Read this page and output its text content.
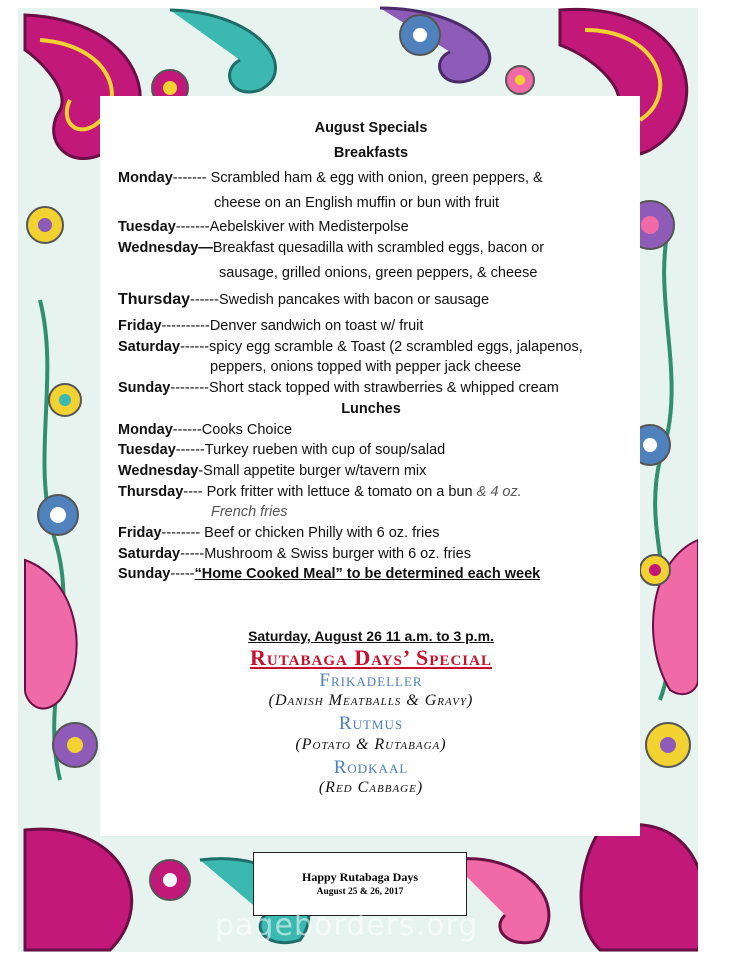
August Specials
Breakfasts
Monday------- Scrambled ham & egg with onion, green peppers, &
cheese on an English muffin or bun with fruit
Tuesday-------Aebelskiver with Medisterpolse
Wednesday—Breakfast quesadilla with scrambled eggs, bacon or
sausage, grilled onions, green peppers, & cheese
Thursday------Swedish pancakes with bacon or sausage
Friday----------Denver sandwich on toast w/ fruit
Saturday------spicy egg scramble & Toast (2 scrambled eggs, jalapenos,
peppers, onions topped with pepper jack cheese
Sunday--------Short stack topped with strawberries & whipped cream
Lunches
Monday------Cooks Choice
Tuesday------Turkey rueben with cup of soup/salad
Wednesday-Small appetite burger w/tavern mix
Thursday---- Pork fritter with lettuce & tomato on a bun & 4 oz.
French fries
Friday-------- Beef or chicken Philly with 6 oz. fries
Saturday-----Mushroom & Swiss burger with 6 oz. fries
Sunday-----“Home Cooked Meal” to be determined each week
Saturday, August 26 11 a.m. to 3 p.m.
Rutabaga Days’ Special
Frikadeller
(Danish Meatballs & Gravy)
Rutmus
(Potato & Rutabaga)
Rodkaal
(Red Cabbage)
Happy Rutabaga Days
August 25 & 26, 2017
pageborders.org
